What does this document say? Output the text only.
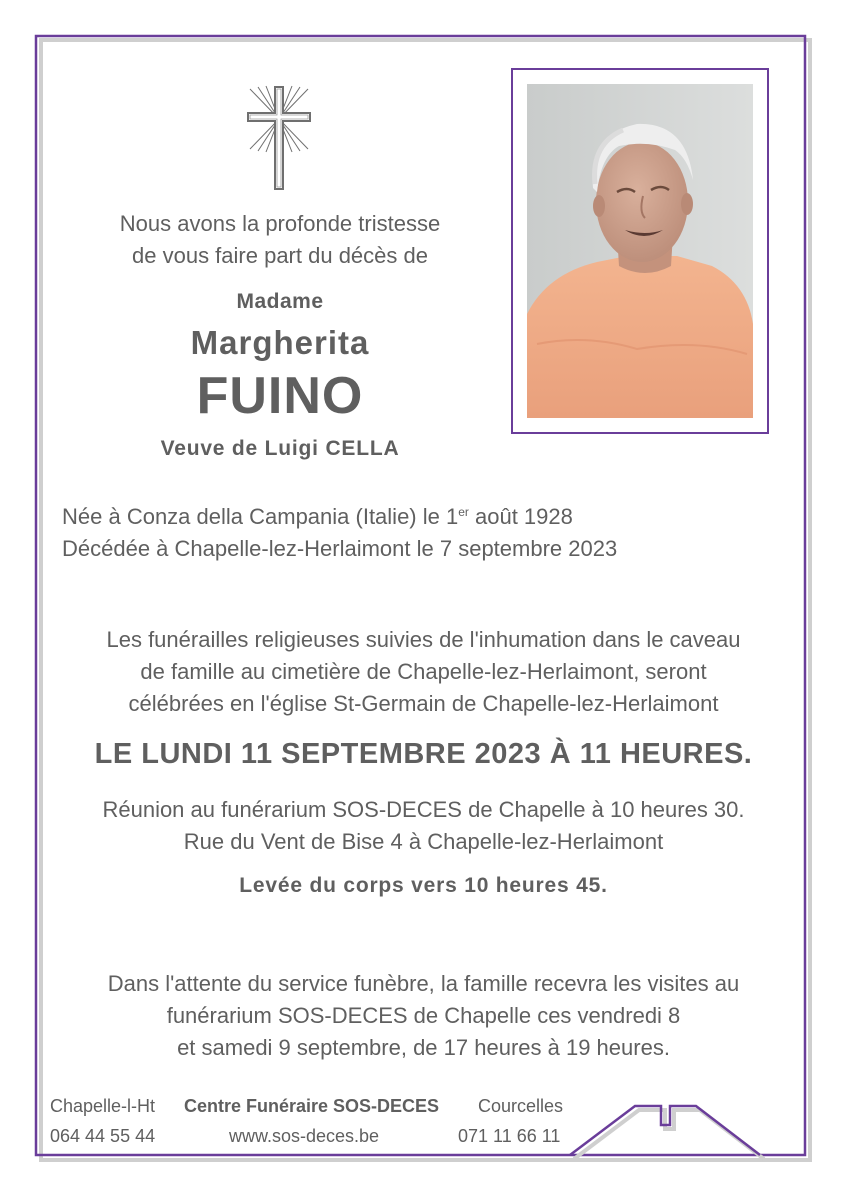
Nous avons la profonde tristesse
de vous faire part du décès de
Madame
Margherita
FUINO
Veuve de Luigi CELLA
Née à Conza della Campania (Italie) le 1er août 1928
Décédée à Chapelle-lez-Herlaimont le 7 septembre 2023
Les funérailles religieuses suivies de l'inhumation dans le caveau
de famille au cimetière de Chapelle-lez-Herlaimont, seront
célébrées en l'église St-Germain de Chapelle-lez-Herlaimont
LE LUNDI 11 SEPTEMBRE 2023 À 11 HEURES.
Réunion au funérarium SOS-DECES de Chapelle à 10 heures 30.
Rue du Vent de Bise 4 à Chapelle-lez-Herlaimont
Levée du corps vers 10 heures 45.
Dans l'attente du service funèbre, la famille recevra les visites au
funérarium SOS-DECES de Chapelle ces vendredi 8
et samedi 9 septembre, de 17 heures à 19 heures.
Chapelle-l-Ht
064 44 55 44
Centre Funéraire SOS-DECES
www.sos-deces.be
Courcelles
071 11 66 11
